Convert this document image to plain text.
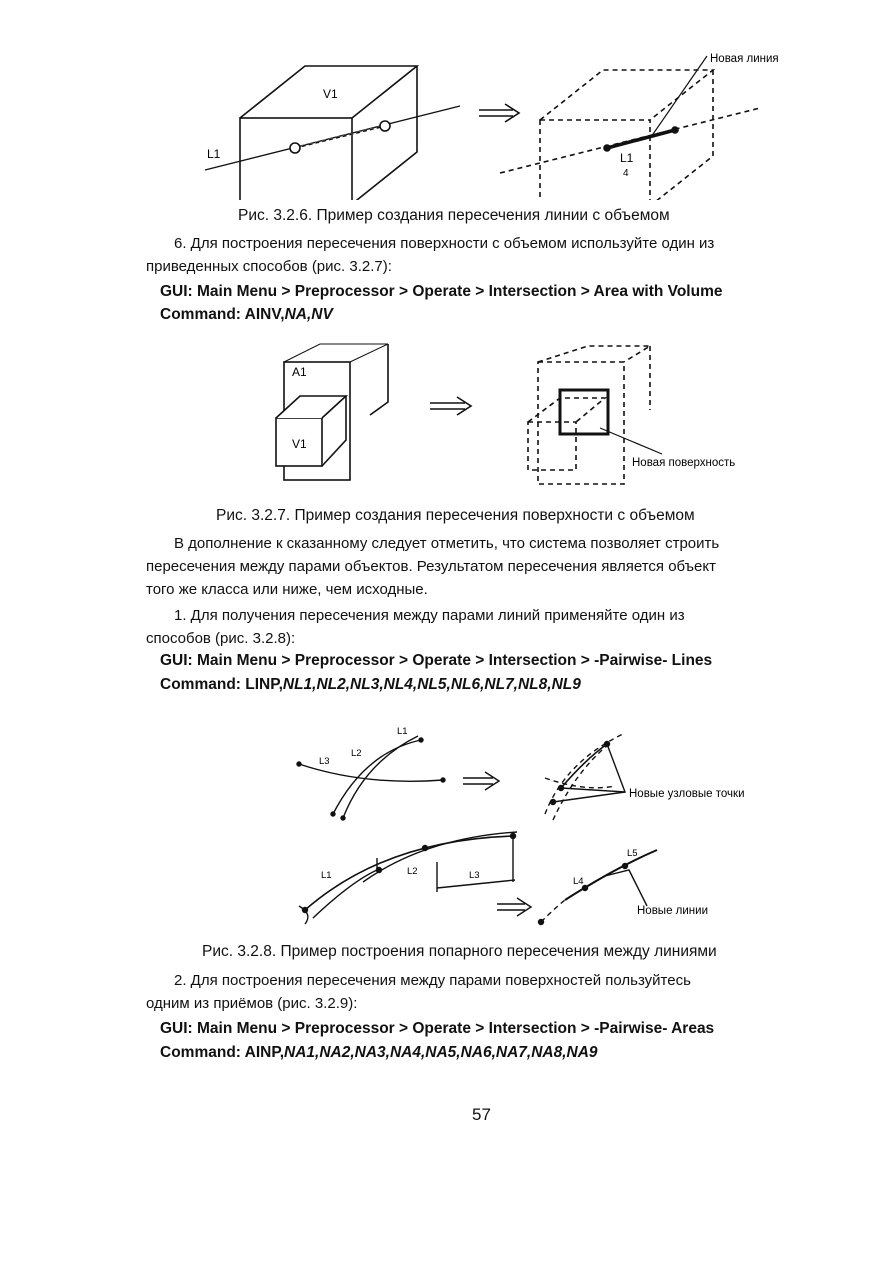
V1
L1
Новая линия
L1
4
Рис. 3.2.6. Пример создания пересечения линии с объемом
6. Для построения пересечения поверхности с объемом используйте один из
приведенных способов (рис. 3.2.7):
GUI: Main Menu > Preprocessor > Operate > Intersection > Area with Volume
Command: AINV,NA,NV
A1
V1
Новая поверхность
Рис. 3.2.7. Пример создания пересечения поверхности с объемом
В дополнение к сказанному следует отметить, что система позволяет строить
пересечения между парами объектов. Результатом пересечения является объект
того же класса или ниже, чем исходные.
1. Для получения пересечения между парами линий применяйте один из
способов (рис. 3.2.8):
GUI: Main Menu > Preprocessor > Operate > Intersection > -Pairwise- Lines
Command: LINP,NL1,NL2,NL3,NL4,NL5,NL6,NL7,NL8,NL9
L1
L2
L3
Новые узловые точки
L1	L2	L3
L4
L5
Новые линии
Рис. 3.2.8. Пример построения попарного пересечения между линиями
2. Для построения пересечения между парами поверхностей пользуйтесь
одним из приёмов (рис. 3.2.9):
GUI: Main Menu > Preprocessor > Operate > Intersection > -Pairwise- Areas
Command: AINP,NA1,NA2,NA3,NA4,NA5,NA6,NA7,NA8,NA9
57
